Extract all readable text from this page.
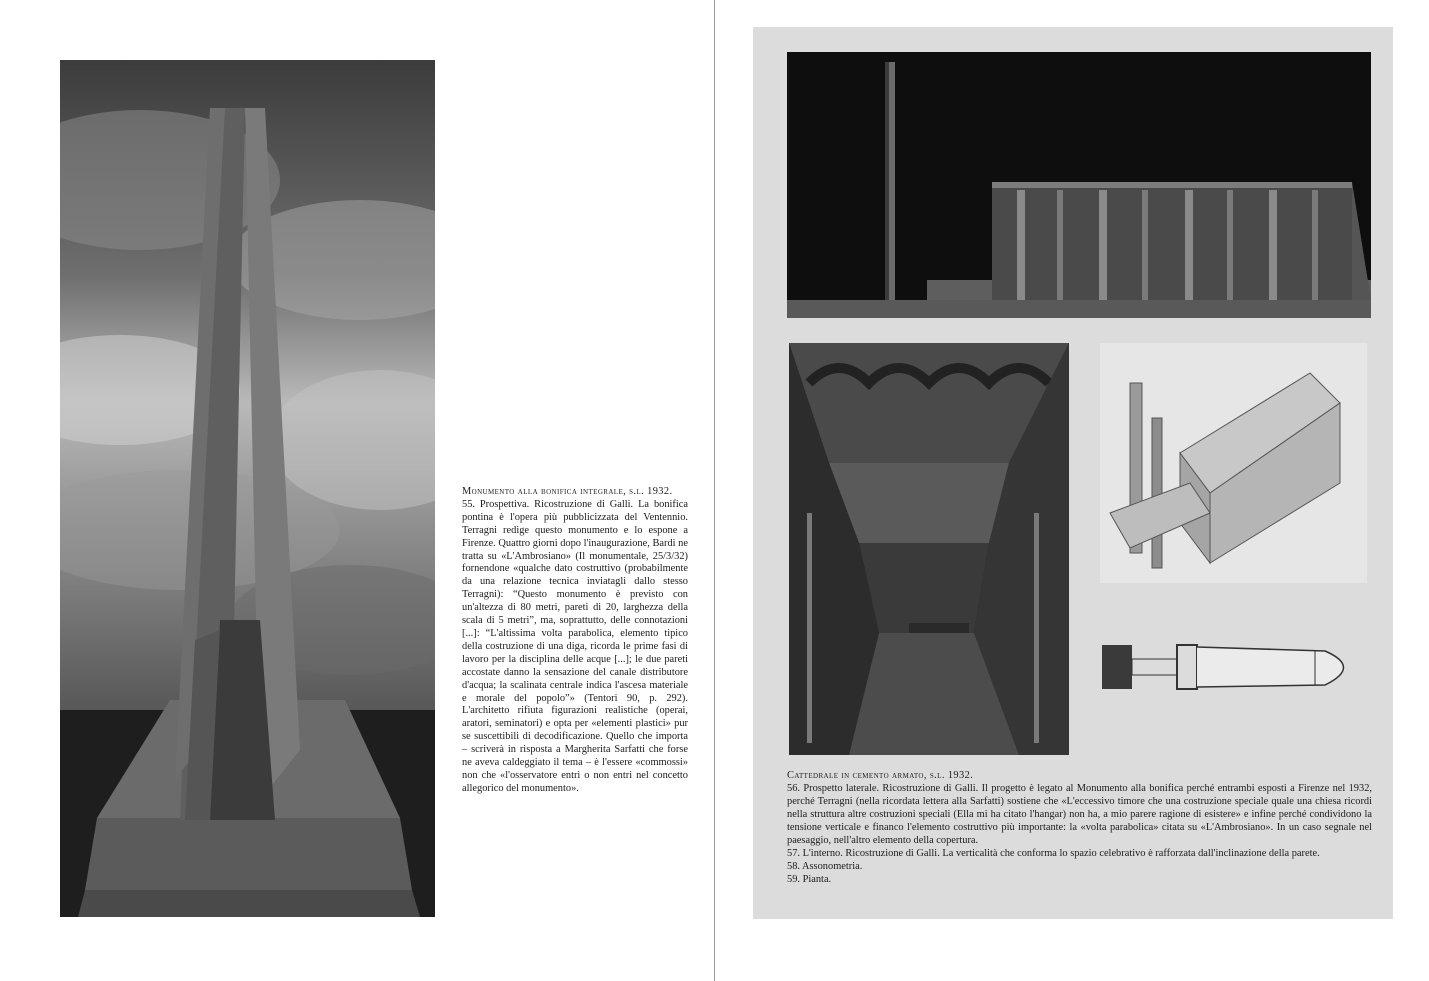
Monumento alla bonifica integrale, s.l. 1932.

55. Prospettiva. Ricostruzione di Galli. La bonifica pontina è l'opera più pubblicizzata del Ventennio. Terragni redige questo monumento e lo espone a Firenze. Quattro giorni dopo l'inaugurazione, Bardi ne tratta su «L'Ambrosiano» (Il monumentale, 25/3/32) fornendone «qualche dato costruttivo (probabilmente da una relazione tecnica inviatagli dallo stesso Terragni): “Questo monumento è previsto con un'altezza di 80 metri, pareti di 20, larghezza della scala di 5 metri”, ma, soprattutto, delle connotazioni [...]: “L'altissima volta parabolica, elemento tipico della costruzione di una diga, ricorda le prime fasi di lavoro per la disciplina delle acque [...]; le due pareti accostate danno la sensazione del canale distributore d'acqua; la scalinata centrale indica l'ascesa materiale e morale del popolo”» (Tentori 90, p. 292). L'architetto rifiuta figurazioni realistiche (operai, aratori, seminatori) e opta per «elementi plastici» pur se suscettibili di decodificazione. Quello che importa – scriverà in risposta a Margherita Sarfatti che forse ne aveva caldeggiato il tema – è l'essere «commossi» non che «l'osservatore entri o non entri nel concetto allegorico del monumento».

Cattedrale in cemento armato, s.l. 1932.

56. Prospetto laterale. Ricostruzione di Galli. Il progetto è legato al Monumento alla bonifica perché entrambi esposti a Firenze nel 1932, perché Terragni (nella ricordata lettera alla Sarfatti) sostiene che «L'eccessivo timore che una costruzione speciale quale una chiesa ricordi nella struttura altre costruzioni speciali (Ella mi ha citato l'hangar) non ha, a mio parere ragione di esistere» e infine perché condividono la tensione verticale e financo l'elemento costruttivo più importante: la «volta parabolica» citata su «L'Ambrosiano». In un caso segnale nel paesaggio, nell'altro elemento della copertura.

57. L'interno. Ricostruzione di Galli. La verticalità che conforma lo spazio celebrativo è rafforzata dall'inclinazione della parete.

58. Assonometria.

59. Pianta.
